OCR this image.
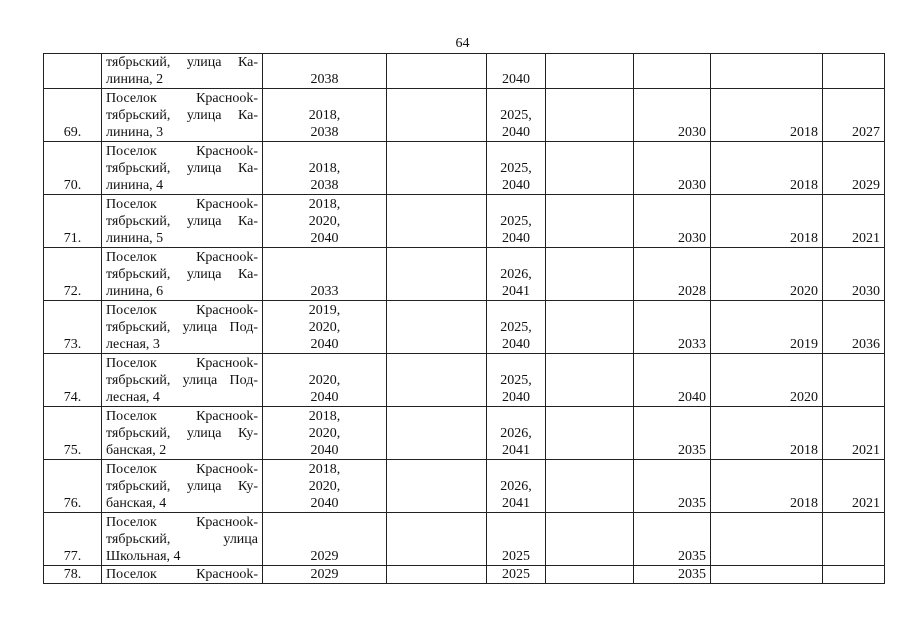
64

	тябрьский, улица Ка-
линина, 2	2038		2040				

69.	Поселок Краснооk-
тябрьский, улица Ка-
линина, 3	2018,
2038		2025,
2040		2030	2018	2027

70.	Поселок Краснооk-
тябрьский, улица Ка-
линина, 4	2018,
2038		2025,
2040		2030	2018	2029

71.	Поселок Краснооk-
тябрьский, улица Ка-
линина, 5	2018,
2020,
2040		2025,
2040		2030	2018	2021

72.	Поселок Краснооk-
тябрьский, улица Ка-
линина, 6	2033		2026,
2041		2028	2020	2030

73.	Поселок Краснооk-
тябрьский, улица Под-
лесная, 3	2019,
2020,
2040		2025,
2040		2033	2019	2036

74.	Поселок Краснооk-
тябрьский, улица Под-
лесная, 4	2020,
2040		2025,
2040		2040	2020	

75.	Поселок Краснооk-
тябрьский, улица Ку-
банская, 2	2018,
2020,
2040		2026,
2041		2035	2018	2021

76.	Поселок Краснооk-
тябрьский, улица Ку-
банская, 4	2018,
2020,
2040		2026,
2041		2035	2018	2021

77.	Поселок Краснооk-
тябрьский, улица
Школьная, 4	2029		2025		2035		

78.	Поселок Краснооk-	2029		2025		2035		
